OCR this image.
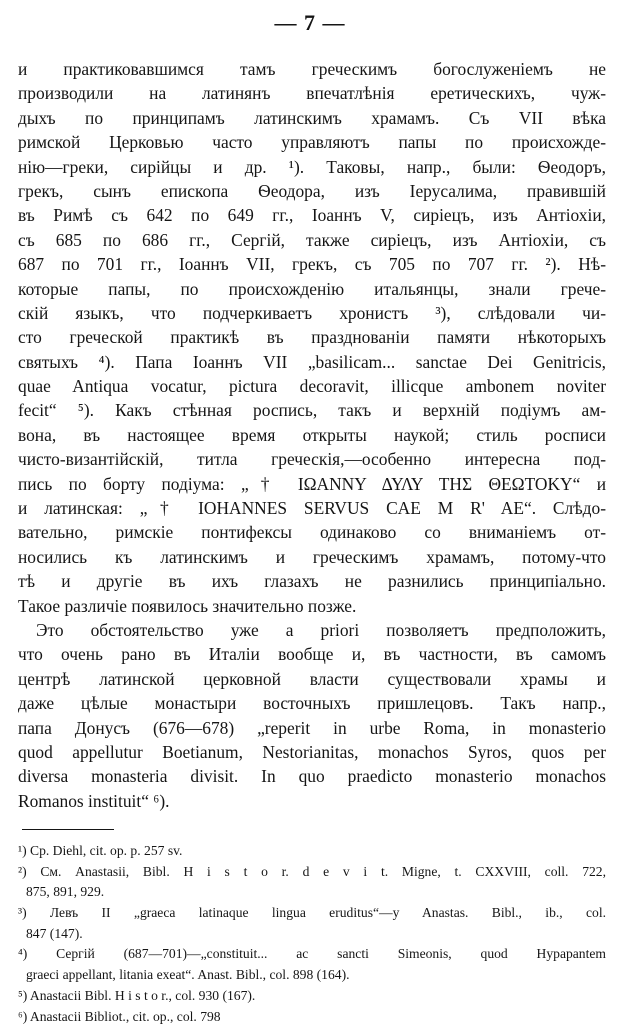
— 7 —
и практиковавшимся тамъ греческимъ богослуженіемъ не
производили на латинянъ впечатлѣнія еретическихъ, чуж-
дыхъ по принципамъ латинскимъ храмамъ. Съ VII вѣка
римской Церковью часто управляютъ папы по происхожде-
нію—греки, сирійцы и др. ¹). Таковы, напр., были: Ѳеодоръ,
грекъ, сынъ епископа Ѳеодора, изъ Іерусалима, правившій
въ Римѣ съ 642 по 649 гг., Іоаннъ V, сирiецъ, изъ Антіохіи,
съ 685 по 686 гг., Сергій, также сирiецъ, изъ Антіохіи, съ
687 по 701 гг., Іоаннъ VII, грекъ, съ 705 по 707 гг. ²). Нѣ-
которые папы, по происхожденію итальянцы, знали грече-
скій языкъ, что подчеркиваетъ хронистъ ³), слѣдовали чи-
сто греческой практикѣ въ празднованіи памяти нѣкоторыхъ
святыхъ ⁴). Папа Іоаннъ VII „basilicam... sanctae Dei Genitricis,
quae Antiqua vocatur, pictura decoravit, illicque ambonem noviter
fecit“ ⁵). Какъ стѣнная роспись, такъ и верхній подіумъ ам-
вона, въ настоящее время открыты наукой; стиль росписи
чисто-византійскій, титла греческія,—особенно интересна под-
пись по борту подіума: „† ΙΩΑΝΝΥ ΔΥΛΥ ΤΗΣ ΘΕΩΤΟΚΥ“ и
и латинская: „† IOHANNES SERVUS CAE M R' AE“. Слѣдо-
вательно, римскіе понтифексы одинаково со вниманіемъ от-
носились къ латинскимъ и греческимъ храмамъ, потому-что
тѣ и другіе въ ихъ глазахъ не разнились принципіально.
Такое различіе появилось значительно позже.
Это обстоятельство уже a priori позволяетъ предположить,
что очень рано въ Италіи вообще и, въ частности, въ самомъ
центрѣ латинской церковной власти существовали храмы и
даже цѣлые монастыри восточныхъ пришлецовъ. Такъ напр.,
папа Донусъ (676—678) „reperit in urbe Roma, in monasterio
quod appellutur Boetianum, Nestorianitas, monachos Syros, quos per
diversa monasteria divisit. In quo praedicto monasterio monachos
Romanos instituit“ ⁶).
¹) Cp. Diehl, cit. op. p. 257 sv.
²) См. Anastasii, Bibl. H i s t o r. d e v i t. Migne, t. CXXVIII, coll. 722,
875, 891, 929.
³) Левъ II „graeca latinaque lingua eruditus“—y Anastas. Bibl., ib., col.
847 (147).
⁴) Сергій (687—701)—„constituit... ac sancti Simeonis, quod Hypapantem
graeci appellant, litania exeat“. Anast. Bibl., col. 898 (164).
⁵) Anastacii Bibl. H i s t o r., col. 930 (167).
⁶) Anastacii Bibliot., cit. op., col. 798
